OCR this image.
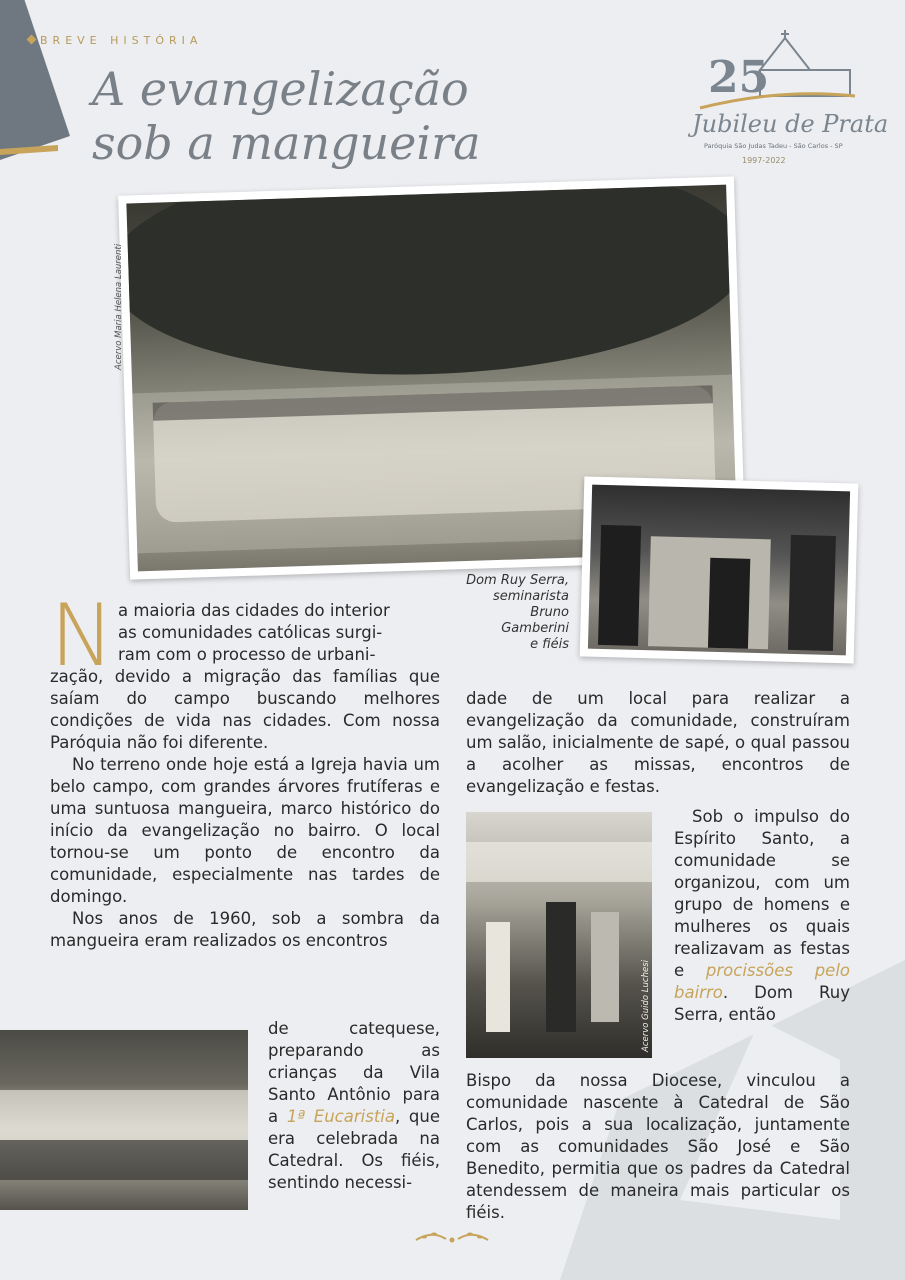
BREVE HISTÓRIA
A evangelização
sob a mangueira
25
Jubileu de Prata
Paróquia São Judas Tadeu - São Carlos - SP
1997-2022
Acervo Maria Helena Laurenti
Dom Ruy Serra,
seminarista
Bruno
Gamberini
e fiéis
N a maioria das cidades do interior
as comunidades católicas surgi-
ram com o processo de urbani-

zação, devido a migração das famílias que saíam do campo buscando melhores condições de vida nas cidades. Com nossa Paróquia não foi diferente.

No terreno onde hoje está a Igreja havia um belo campo, com grandes árvores frutíferas e uma suntuosa mangueira, marco histórico do início da evangelização no bairro. O local tornou-se um ponto de encontro da comunidade, especialmente nas tardes de domingo.

Nos anos de 1960, sob a sombra da mangueira eram realizados os encontros

de catequese, preparando as crianças da Vila Santo Antônio para a 1ª Eucaristia, que era celebrada na Catedral. Os fiéis, sentindo necessi-

dade de um local para realizar a evangelização da comunidade, construíram um salão, inicialmente de sapé, o qual passou a acolher as missas, encontros de evangelização e festas.

Acervo Guido Luchesi
Sob o impulso do Espírito Santo, a comunidade se organizou, com um grupo de homens e mulheres os quais realizavam as festas e procissões pelo bairro. Dom Ruy Serra, então

Bispo da nossa Diocese, vinculou a comunidade nascente à Catedral de São Carlos, pois a sua localização, juntamente com as comunidades São José e São Benedito, permitia que os padres da Catedral atendessem de maneira mais particular os fiéis.
